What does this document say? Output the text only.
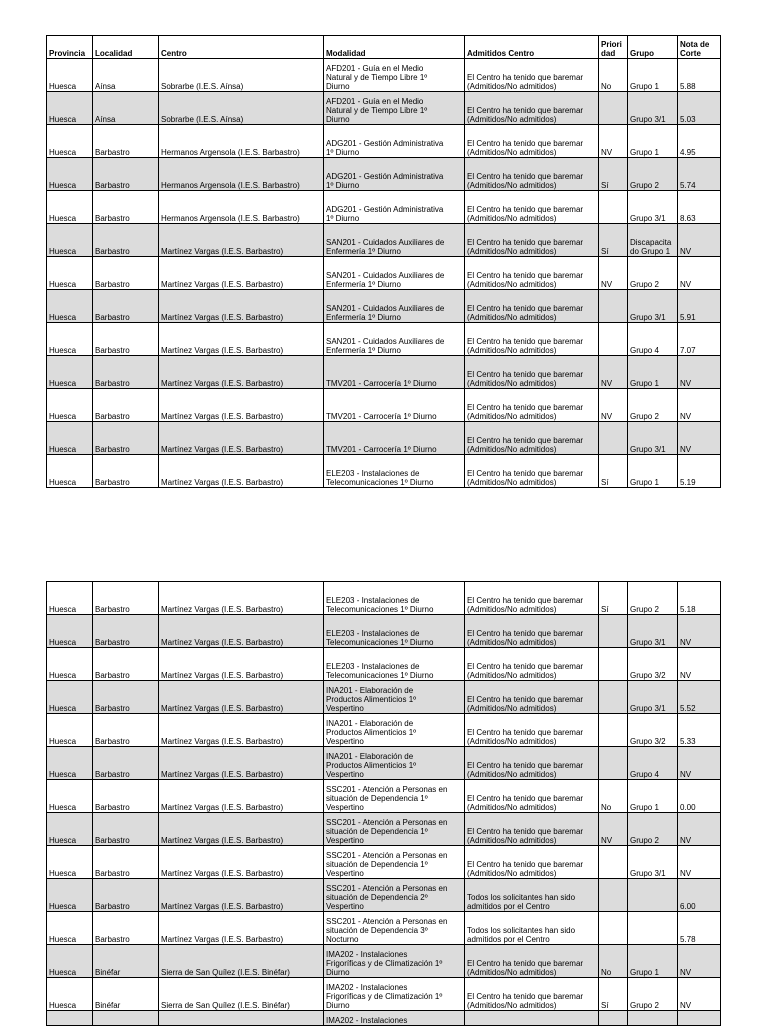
Provincia	Localidad	Centro	Modalidad	Admitidos Centro	Priori
dad	Grupo	Nota de
Corte
Huesca	Aínsa	Sobrarbe (I.E.S. Aínsa)	AFD201 - Guía en el Medio
Natural y de Tiempo Libre 1º
Diurno	El Centro ha tenido que baremar
(Admitidos/No admitidos)	No	Grupo 1	5.88
Huesca	Aínsa	Sobrarbe (I.E.S. Aínsa)	AFD201 - Guía en el Medio
Natural y de Tiempo Libre 1º
Diurno	El Centro ha tenido que baremar
(Admitidos/No admitidos)		Grupo 3/1	5.03
Huesca	Barbastro	Hermanos Argensola (I.E.S. Barbastro)	ADG201 - Gestión Administrativa
1º Diurno	El Centro ha tenido que baremar
(Admitidos/No admitidos)	NV	Grupo 1	4.95
Huesca	Barbastro	Hermanos Argensola (I.E.S. Barbastro)	ADG201 - Gestión Administrativa
1º Diurno	El Centro ha tenido que baremar
(Admitidos/No admitidos)	Sí	Grupo 2	5.74
Huesca	Barbastro	Hermanos Argensola (I.E.S. Barbastro)	ADG201 - Gestión Administrativa
1º Diurno	El Centro ha tenido que baremar
(Admitidos/No admitidos)		Grupo 3/1	8.63
Huesca	Barbastro	Martínez Vargas (I.E.S. Barbastro)	SAN201 - Cuidados Auxiliares de
Enfermería 1º Diurno	El Centro ha tenido que baremar
(Admitidos/No admitidos)	Sí	Discapacita
do Grupo 1	NV
Huesca	Barbastro	Martínez Vargas (I.E.S. Barbastro)	SAN201 - Cuidados Auxiliares de
Enfermería 1º Diurno	El Centro ha tenido que baremar
(Admitidos/No admitidos)	NV	Grupo 2	NV
Huesca	Barbastro	Martínez Vargas (I.E.S. Barbastro)	SAN201 - Cuidados Auxiliares de
Enfermería 1º Diurno	El Centro ha tenido que baremar
(Admitidos/No admitidos)		Grupo 3/1	5.91
Huesca	Barbastro	Martínez Vargas (I.E.S. Barbastro)	SAN201 - Cuidados Auxiliares de
Enfermería 1º Diurno	El Centro ha tenido que baremar
(Admitidos/No admitidos)		Grupo 4	7.07
Huesca	Barbastro	Martínez Vargas (I.E.S. Barbastro)	TMV201 - Carrocería 1º Diurno	El Centro ha tenido que baremar
(Admitidos/No admitidos)	NV	Grupo 1	NV
Huesca	Barbastro	Martínez Vargas (I.E.S. Barbastro)	TMV201 - Carrocería 1º Diurno	El Centro ha tenido que baremar
(Admitidos/No admitidos)	NV	Grupo 2	NV
Huesca	Barbastro	Martínez Vargas (I.E.S. Barbastro)	TMV201 - Carrocería 1º Diurno	El Centro ha tenido que baremar
(Admitidos/No admitidos)		Grupo 3/1	NV
Huesca	Barbastro	Martínez Vargas (I.E.S. Barbastro)	ELE203 - Instalaciones de
Telecomunicaciones 1º Diurno	El Centro ha tenido que baremar
(Admitidos/No admitidos)	Sí	Grupo 1	5.19
Huesca	Barbastro	Martínez Vargas (I.E.S. Barbastro)	ELE203 - Instalaciones de
Telecomunicaciones 1º Diurno	El Centro ha tenido que baremar
(Admitidos/No admitidos)	Sí	Grupo 2	5.18
Huesca	Barbastro	Martínez Vargas (I.E.S. Barbastro)	ELE203 - Instalaciones de
Telecomunicaciones 1º Diurno	El Centro ha tenido que baremar
(Admitidos/No admitidos)		Grupo 3/1	NV
Huesca	Barbastro	Martínez Vargas (I.E.S. Barbastro)	ELE203 - Instalaciones de
Telecomunicaciones 1º Diurno	El Centro ha tenido que baremar
(Admitidos/No admitidos)		Grupo 3/2	NV
Huesca	Barbastro	Martínez Vargas (I.E.S. Barbastro)	INA201 - Elaboración de
Productos Alimenticios 1º
Vespertino	El Centro ha tenido que baremar
(Admitidos/No admitidos)		Grupo 3/1	5.52
Huesca	Barbastro	Martínez Vargas (I.E.S. Barbastro)	INA201 - Elaboración de
Productos Alimenticios 1º
Vespertino	El Centro ha tenido que baremar
(Admitidos/No admitidos)		Grupo 3/2	5.33
Huesca	Barbastro	Martínez Vargas (I.E.S. Barbastro)	INA201 - Elaboración de
Productos Alimenticios 1º
Vespertino	El Centro ha tenido que baremar
(Admitidos/No admitidos)		Grupo 4	NV
Huesca	Barbastro	Martínez Vargas (I.E.S. Barbastro)	SSC201 - Atención a Personas en
situación de Dependencia 1º
Vespertino	El Centro ha tenido que baremar
(Admitidos/No admitidos)	No	Grupo 1	0.00
Huesca	Barbastro	Martínez Vargas (I.E.S. Barbastro)	SSC201 - Atención a Personas en
situación de Dependencia 1º
Vespertino	El Centro ha tenido que baremar
(Admitidos/No admitidos)	NV	Grupo 2	NV
Huesca	Barbastro	Martínez Vargas (I.E.S. Barbastro)	SSC201 - Atención a Personas en
situación de Dependencia 1º
Vespertino	El Centro ha tenido que baremar
(Admitidos/No admitidos)		Grupo 3/1	NV
Huesca	Barbastro	Martínez Vargas (I.E.S. Barbastro)	SSC201 - Atención a Personas en
situación de Dependencia 2º
Vespertino	Todos los solicitantes han sido
admitidos por el Centro			6.00
Huesca	Barbastro	Martínez Vargas (I.E.S. Barbastro)	SSC201 - Atención a Personas en
situación de Dependencia 3º
Nocturno	Todos los solicitantes han sido
admitidos por el Centro			5.78
Huesca	Binéfar	Sierra de San Quílez (I.E.S. Binéfar)	IMA202 - Instalaciones
Frigoríficas y de Climatización 1º
Diurno	El Centro ha tenido que baremar
(Admitidos/No admitidos)	No	Grupo 1	NV
Huesca	Binéfar	Sierra de San Quílez (I.E.S. Binéfar)	IMA202 - Instalaciones
Frigoríficas y de Climatización 1º
Diurno	El Centro ha tenido que baremar
(Admitidos/No admitidos)	Sí	Grupo 2	NV
			IMA202 - Instalaciones				
